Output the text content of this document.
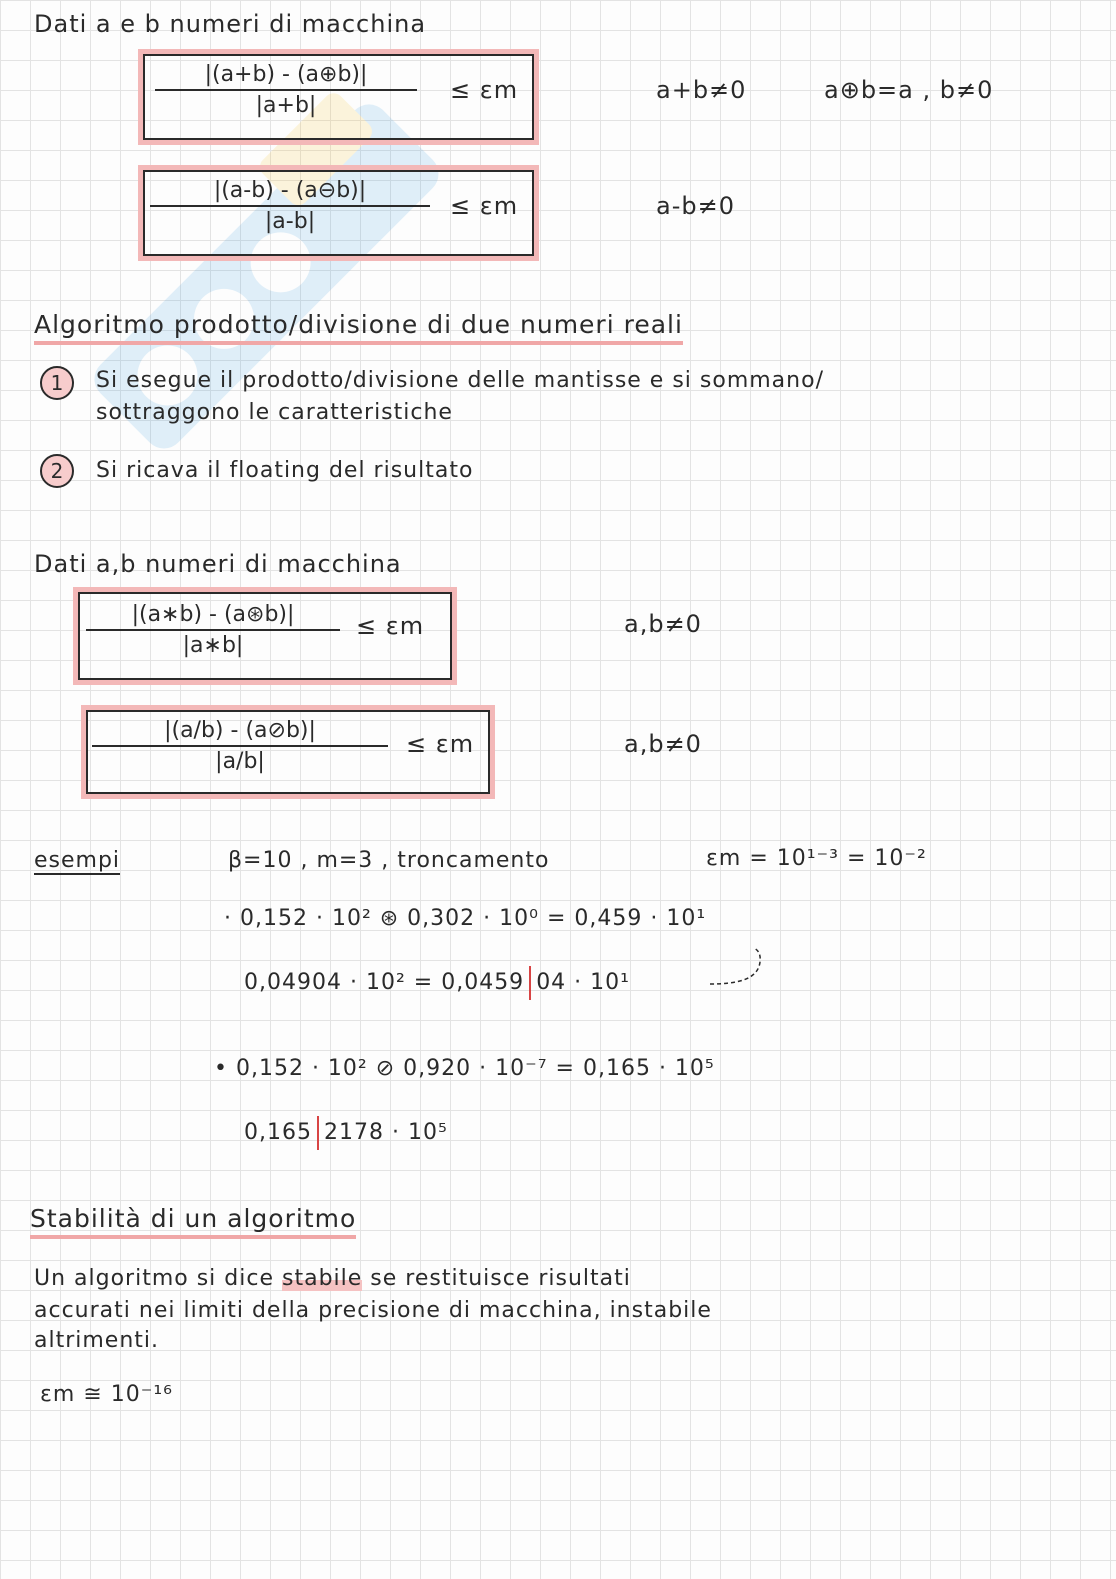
Dati a e b numeri di macchina
$\frac{|(a+b) - (a\oplus b)|}{|a+b|} \le \varepsilon m$	a+b≠0	a⊕b=a , b≠0
$\frac{|(a-b) - (a⊖b)|}{|a-b|} \le \varepsilon m$	a-b≠0
Algoritmo prodotto/divisione di due numeri reali
1	Si esegue il prodotto/divisione delle mantisse e si sommano/
sottraggono le caratteristiche
2	Si ricava il floating del risultato
Dati a,b numeri di macchina
$\frac{|(a∗b) - (a⊛b)|}{|a∗b|} \le \varepsilon m$	a,b≠0
$\frac{|(a/b) - (a⊘b)|}{|a/b|} \le \varepsilon m$	a,b≠0
esempi	β=10 , m=3 , troncamento	εm = 10¹⁻³ = 10⁻²
· 0,152 · 10² ⊛ 0,302 · 10⁰ = 0,459 · 10¹
0,04904 · 10² = 0,0459 04 · 10¹
• 0,152 · 10² ⊘ 0,920 · 10⁻⁷ = 0,165 · 10⁵
0,165 2178 · 10⁵
Stabilità di un algoritmo
Un algoritmo si dice stabile se restituisce risultati
accurati nei limiti della precisione di macchina, instabile
altrimenti.
εm ≅ 10⁻¹⁶
